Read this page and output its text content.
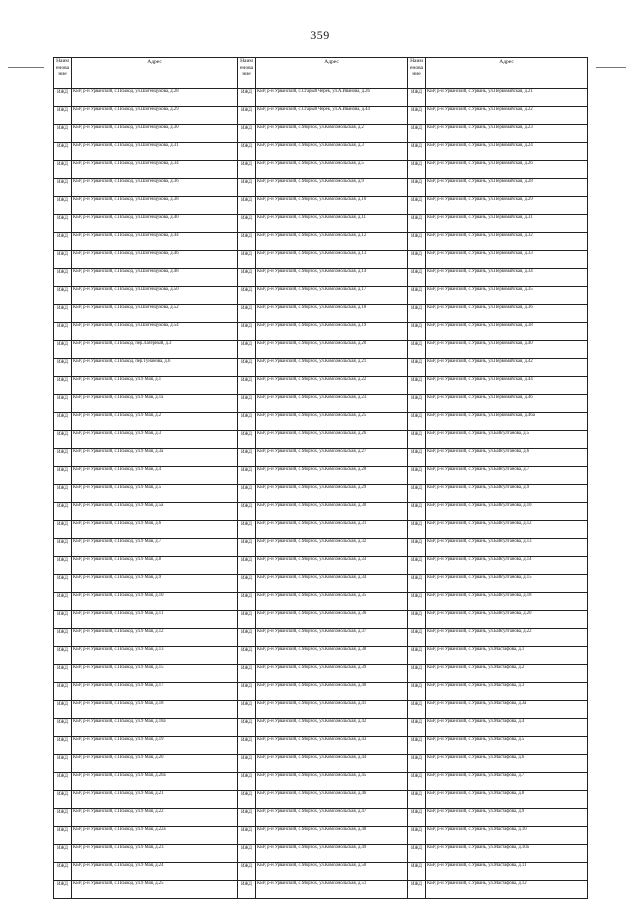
359
Наим енова ние	Адрес	Наим енова ние	Адрес	Наим енова ние	Адрес
ИЖД	КБР, р-н Урванский, с.Псыкод, ул.Шогенцукова, д.28	ИЖД	КБР, р-н Урванский, с.Старый Черек, ул.А.Иванова, д.26	ИЖД	КБР, р-н Урванский, с.Урвань, ул.Первомайская, д.21
ИЖД	КБР, р-н Урванский, с.Псыкод, ул.Шогенцукова, д.29	ИЖД	КБР, р-н Урванский, с.Старый Черек, ул.А.Иванова, д.44	ИЖД	КБР, р-н Урванский, с.Урвань, ул.Первомайская, д.22
ИЖД	КБР, р-н Урванский, с.Псыкод, ул.Шогенцукова, д.30	ИЖД	КБР, р-н Урванский, с.Морзох, ул.Комсомольская, д.2	ИЖД	КБР, р-н Урванский, с.Урвань, ул.Первомайская, д.23
ИЖД	КБР, р-н Урванский, с.Псыкод, ул.Шогенцукова, д.31	ИЖД	КБР, р-н Урванский, с.Морзох, ул.Комсомольская, д.3	ИЖД	КБР, р-н Урванский, с.Урвань, ул.Первомайская, д.24
ИЖД	КБР, р-н Урванский, с.Псыкод, ул.Шогенцукова, д.34	ИЖД	КБР, р-н Урванский, с.Морзох, ул.Комсомольская, д.5	ИЖД	КБР, р-н Урванский, с.Урвань, ул.Первомайская, д.26
ИЖД	КБР, р-н Урванский, с.Псыкод, ул.Шогенцукова, д.36	ИЖД	КБР, р-н Урванский, с.Морзох, ул.Комсомольская, д.9	ИЖД	КБР, р-н Урванский, с.Урвань, ул.Первомайская, д.28
ИЖД	КБР, р-н Урванский, с.Псыкод, ул.Шогенцукова, д.38	ИЖД	КБР, р-н Урванский, с.Морзох, ул.Комсомольская, д.10	ИЖД	КБР, р-н Урванский, с.Урвань, ул.Первомайская, д.29
ИЖД	КБР, р-н Урванский, с.Псыкод, ул.Шогенцукова, д.40	ИЖД	КБР, р-н Урванский, с.Морзох, ул.Комсомольская, д.11	ИЖД	КБР, р-н Урванский, с.Урвань, ул.Первомайская, д.31
ИЖД	КБР, р-н Урванский, с.Псыкод, ул.Шогенцукова, д.44	ИЖД	КБР, р-н Урванский, с.Морзох, ул.Комсомольская, д.12	ИЖД	КБР, р-н Урванский, с.Урвань, ул.Первомайская, д.32
ИЖД	КБР, р-н Урванский, с.Псыкод, ул.Шогенцукова, д.46	ИЖД	КБР, р-н Урванский, с.Морзох, ул.Комсомольская, д.13	ИЖД	КБР, р-н Урванский, с.Урвань, ул.Первомайская, д.33
ИЖД	КБР, р-н Урванский, с.Псыкод, ул.Шогенцукова, д.48	ИЖД	КБР, р-н Урванский, с.Морзох, ул.Комсомольская, д.14	ИЖД	КБР, р-н Урванский, с.Урвань, ул.Первомайская, д.34
ИЖД	КБР, р-н Урванский, с.Псыкод, ул.Шогенцукова, д.50	ИЖД	КБР, р-н Урванский, с.Морзох, ул.Комсомольская, д.17	ИЖД	КБР, р-н Урванский, с.Урвань, ул.Первомайская, д.35
ИЖД	КБР, р-н Урванский, с.Псыкод, ул.Шогенцукова, д.52	ИЖД	КБР, р-н Урванский, с.Морзох, ул.Комсомольская, д.18	ИЖД	КБР, р-н Урванский, с.Урвань, ул.Первомайская, д.36
ИЖД	КБР, р-н Урванский, с.Псыкод, ул.Шогенцукова, д.54	ИЖД	КБР, р-н Урванский, с.Морзох, ул.Комсомольская, д.19	ИЖД	КБР, р-н Урванский, с.Урвань, ул.Первомайская, д.38
ИЖД	КБР, р-н Урванский, с.Псыкод, пер.Лагерный, д.3	ИЖД	КБР, р-н Урванский, с.Морзох, ул.Комсомольская, д.20	ИЖД	КБР, р-н Урванский, с.Урвань, ул.Первомайская, д.40
ИЖД	КБР, р-н Урванский, с.Псыкод, пер.Тунанова, д.6	ИЖД	КБР, р-н Урванский, с.Морзох, ул.Комсомольская, д.21	ИЖД	КБР, р-н Урванский, с.Урвань, ул.Первомайская, д.42
ИЖД	КБР, р-н Урванский, с.Псыкод, ул.9 Мая, д.1	ИЖД	КБР, р-н Урванский, с.Морзох, ул.Комсомольская, д.22	ИЖД	КБР, р-н Урванский, с.Урвань, ул.Первомайская, д.44
ИЖД	КБР, р-н Урванский, с.Псыкод, ул.9 Мая, д.1а	ИЖД	КБР, р-н Урванский, с.Морзох, ул.Комсомольская, д.23	ИЖД	КБР, р-н Урванский, с.Урвань, ул.Первомайская, д.46
ИЖД	КБР, р-н Урванский, с.Псыкод, ул.9 Мая, д.2	ИЖД	КБР, р-н Урванский, с.Морзох, ул.Комсомольская, д.25	ИЖД	КБР, р-н Урванский, с.Урвань, ул.Первомайская, д.46а
ИЖД	КБР, р-н Урванский, с.Псыкод, ул.9 Мая, д.3	ИЖД	КБР, р-н Урванский, с.Морзох, ул.Комсомольская, д.26	ИЖД	КБР, р-н Урванский, с.Урвань, ул.Байсултанова, д.5
ИЖД	КБР, р-н Урванский, с.Псыкод, ул.9 Мая, д.3а	ИЖД	КБР, р-н Урванский, с.Морзох, ул.Комсомольская, д.27	ИЖД	КБР, р-н Урванский, с.Урвань, ул.Байсултанова, д.6
ИЖД	КБР, р-н Урванский, с.Псыкод, ул.9 Мая, д.4	ИЖД	КБР, р-н Урванский, с.Морзох, ул.Комсомольская, д.28	ИЖД	КБР, р-н Урванский, с.Урвань, ул.Байсултанова, д.7
ИЖД	КБР, р-н Урванский, с.Псыкод, ул.9 Мая, д.5	ИЖД	КБР, р-н Урванский, с.Морзох, ул.Комсомольская, д.29	ИЖД	КБР, р-н Урванский, с.Урвань, ул.Байсултанова, д.9
ИЖД	КБР, р-н Урванский, с.Псыкод, ул.9 Мая, д.5а	ИЖД	КБР, р-н Урванский, с.Морзох, ул.Комсомольская, д.30	ИЖД	КБР, р-н Урванский, с.Урвань, ул.Байсултанова, д.10
ИЖД	КБР, р-н Урванский, с.Псыкод, ул.9 Мая, д.6	ИЖД	КБР, р-н Урванский, с.Морзох, ул.Комсомольская, д.31	ИЖД	КБР, р-н Урванский, с.Урвань, ул.Байсултанова, д.12
ИЖД	КБР, р-н Урванский, с.Псыкод, ул.9 Мая, д.7	ИЖД	КБР, р-н Урванский, с.Морзох, ул.Комсомольская, д.32	ИЖД	КБР, р-н Урванский, с.Урвань, ул.Байсултанова, д.13
ИЖД	КБР, р-н Урванский, с.Псыкод, ул.9 Мая, д.8	ИЖД	КБР, р-н Урванский, с.Морзох, ул.Комсомольская, д.33	ИЖД	КБР, р-н Урванский, с.Урвань, ул.Байсултанова, д.14
ИЖД	КБР, р-н Урванский, с.Псыкод, ул.9 Мая, д.9	ИЖД	КБР, р-н Урванский, с.Морзох, ул.Комсомольская, д.34	ИЖД	КБР, р-н Урванский, с.Урвань, ул.Байсултанова, д.15
ИЖД	КБР, р-н Урванский, с.Псыкод, ул.9 Мая, д.10	ИЖД	КБР, р-н Урванский, с.Морзох, ул.Комсомольская, д.35	ИЖД	КБР, р-н Урванский, с.Урвань, ул.Байсултанова, д.18
ИЖД	КБР, р-н Урванский, с.Псыкод, ул.9 Мая, д.11	ИЖД	КБР, р-н Урванский, с.Морзох, ул.Комсомольская, д.36	ИЖД	КБР, р-н Урванский, с.Урвань, ул.Байсултанова, д.20
ИЖД	КБР, р-н Урванский, с.Псыкод, ул.9 Мая, д.12	ИЖД	КБР, р-н Урванский, с.Морзох, ул.Комсомольская, д.37	ИЖД	КБР, р-н Урванский, с.Урвань, ул.Байсултанова, д.22
ИЖД	КБР, р-н Урванский, с.Псыкод, ул.9 Мая, д.13	ИЖД	КБР, р-н Урванский, с.Морзох, ул.Комсомольская, д.38	ИЖД	КБР, р-н Урванский, с.Урвань, ул.Мастафова, д.1
ИЖД	КБР, р-н Урванский, с.Псыкод, ул.9 Мая, д.15	ИЖД	КБР, р-н Урванский, с.Морзох, ул.Комсомольская, д.39	ИЖД	КБР, р-н Урванский, с.Урвань, ул.Мастафова, д.2
ИЖД	КБР, р-н Урванский, с.Псыкод, ул.9 Мая, д.17	ИЖД	КБР, р-н Урванский, с.Морзох, ул.Комсомольская, д.40	ИЖД	КБР, р-н Урванский, с.Урвань, ул.Мастафова, д.3
ИЖД	КБР, р-н Урванский, с.Псыкод, ул.9 Мая, д.18	ИЖД	КБР, р-н Урванский, с.Морзох, ул.Комсомольская, д.41	ИЖД	КБР, р-н Урванский, с.Урвань, ул.Мастафова, д.3а
ИЖД	КБР, р-н Урванский, с.Псыкод, ул.9 Мая, д.18а	ИЖД	КБР, р-н Урванский, с.Морзох, ул.Комсомольская, д.42	ИЖД	КБР, р-н Урванский, с.Урвань, ул.Мастафова, д.4
ИЖД	КБР, р-н Урванский, с.Псыкод, ул.9 Мая, д.19	ИЖД	КБР, р-н Урванский, с.Морзох, ул.Комсомольская, д.43	ИЖД	КБР, р-н Урванский, с.Урвань, ул.Мастафова, д.5
ИЖД	КБР, р-н Урванский, с.Псыкод, ул.9 Мая, д.20	ИЖД	КБР, р-н Урванский, с.Морзох, ул.Комсомольская, д.44	ИЖД	КБР, р-н Урванский, с.Урвань, ул.Мастафова, д.6
ИЖД	КБР, р-н Урванский, с.Псыкод, ул.9 Мая, д.20а	ИЖД	КБР, р-н Урванский, с.Морзох, ул.Комсомольская, д.45	ИЖД	КБР, р-н Урванский, с.Урвань, ул.Мастафова, д.7
ИЖД	КБР, р-н Урванский, с.Псыкод, ул.9 Мая, д.21	ИЖД	КБР, р-н Урванский, с.Морзох, ул.Комсомольская, д.46	ИЖД	КБР, р-н Урванский, с.Урвань, ул.Мастафова, д.8
ИЖД	КБР, р-н Урванский, с.Псыкод, ул.9 Мая, д.22	ИЖД	КБР, р-н Урванский, с.Морзох, ул.Комсомольская, д.47	ИЖД	КБР, р-н Урванский, с.Урвань, ул.Мастафова, д.9
ИЖД	КБР, р-н Урванский, с.Псыкод, ул.9 Мая, д.22а	ИЖД	КБР, р-н Урванский, с.Морзох, ул.Комсомольская, д.48	ИЖД	КБР, р-н Урванский, с.Урвань, ул.Мастафова, д.10
ИЖД	КБР, р-н Урванский, с.Псыкод, ул.9 Мая, д.23	ИЖД	КБР, р-н Урванский, с.Морзох, ул.Комсомольская, д.49	ИЖД	КБР, р-н Урванский, с.Урвань, ул.Мастафова, д.10а
ИЖД	КБР, р-н Урванский, с.Псыкод, ул.9 Мая, д.24	ИЖД	КБР, р-н Урванский, с.Морзох, ул.Комсомольская, д.50	ИЖД	КБР, р-н Урванский, с.Урвань, ул.Мастафова, д.11
ИЖД	КБР, р-н Урванский, с.Псыкод, ул.9 Мая, д.25	ИЖД	КБР, р-н Урванский, с.Морзох, ул.Комсомольская, д.51	ИЖД	КБР, р-н Урванский, с.Урвань, ул.Мастафова, д.12
